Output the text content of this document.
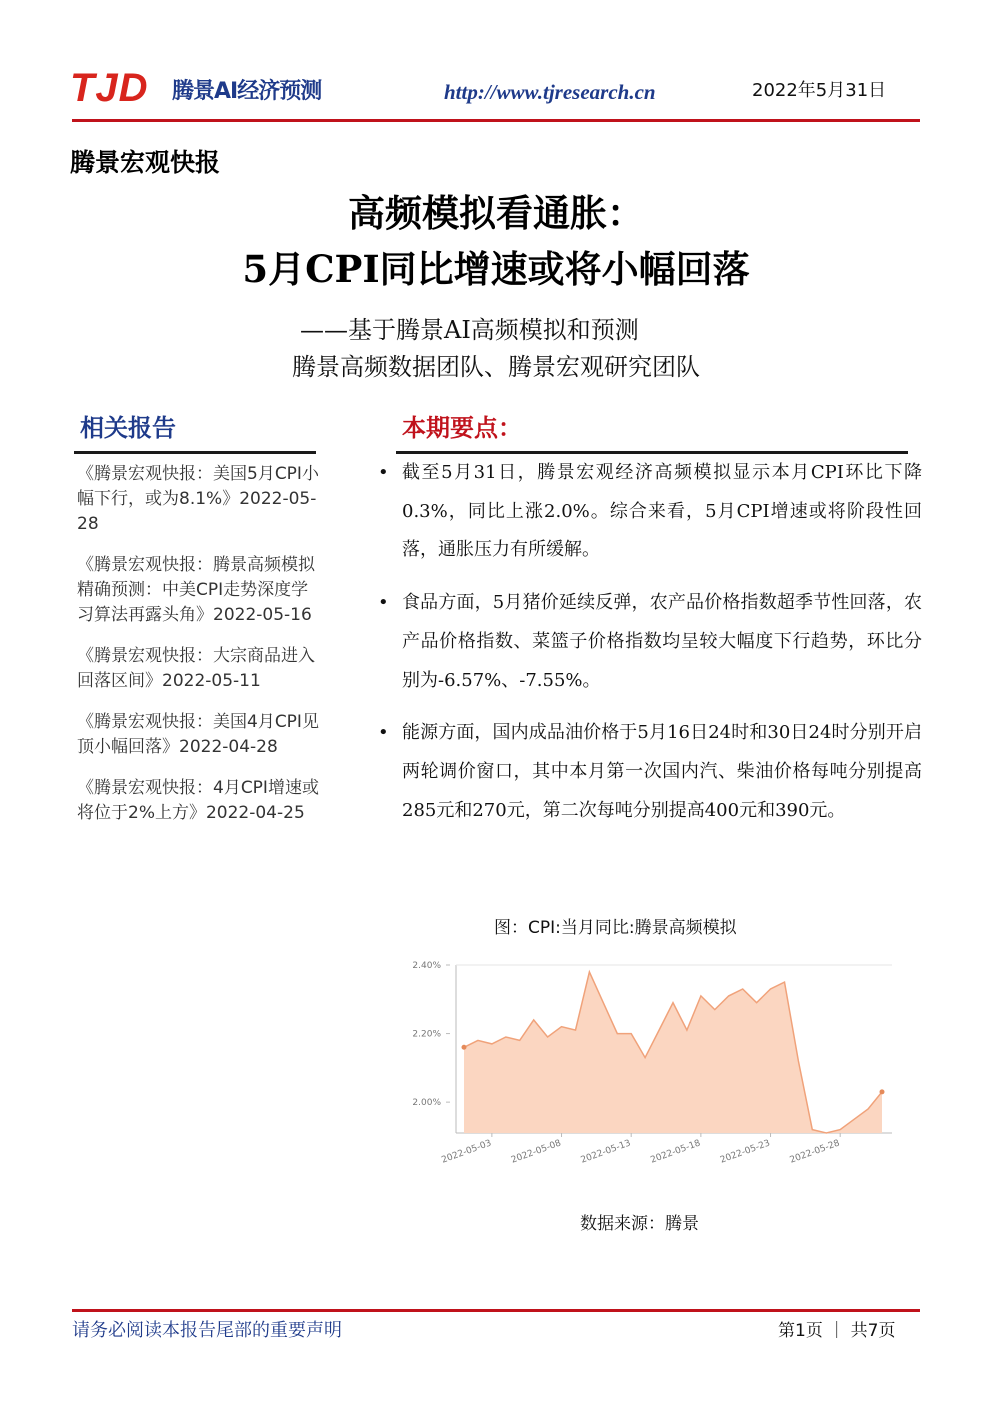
TJD 腾景AI经济预测	http://www.tjresearch.cn	2022年5月31日
腾景宏观快报
高频模拟看通胀：
5月CPI同比增速或将小幅回落
——基于腾景AI高频模拟和预测
腾景高频数据团队、腾景宏观研究团队
相关报告
《腾景宏观快报：美国5月CPI小幅下行，或为8.1%》2022-05-28
《腾景宏观快报：腾景高频模拟精确预测：中美CPI走势深度学习算法再露头角》2022-05-16
《腾景宏观快报：大宗商品进入回落区间》2022-05-11
《腾景宏观快报：美国4月CPI见顶小幅回落》2022-04-28
《腾景宏观快报：4月CPI增速或将位于2%上方》2022-04-25
本期要点：
• 截至5月31日，腾景宏观经济高频模拟显示本月CPI环比下降0.3%，同比上涨2.0%。综合来看，5月CPI增速或将阶段性回落，通胀压力有所缓解。
• 食品方面，5月猪价延续反弹，农产品价格指数超季节性回落，农产品价格指数、菜篮子价格指数均呈较大幅度下行趋势，环比分别为-6.57%、-7.55%。
• 能源方面，国内成品油价格于5月16日24时和30日24时分别开启两轮调价窗口，其中本月第一次国内汽、柴油价格每吨分别提高285元和270元，第二次每吨分别提高400元和390元。
图：CPI:当月同比:腾景高频模拟
2.00%
2.20%
2.40%
2022-05-03 2022-05-08 2022-05-13 2022-05-18 2022-05-23 2022-05-28
数据来源：腾景
请务必阅读本报告尾部的重要声明	第1页 ｜ 共7页
